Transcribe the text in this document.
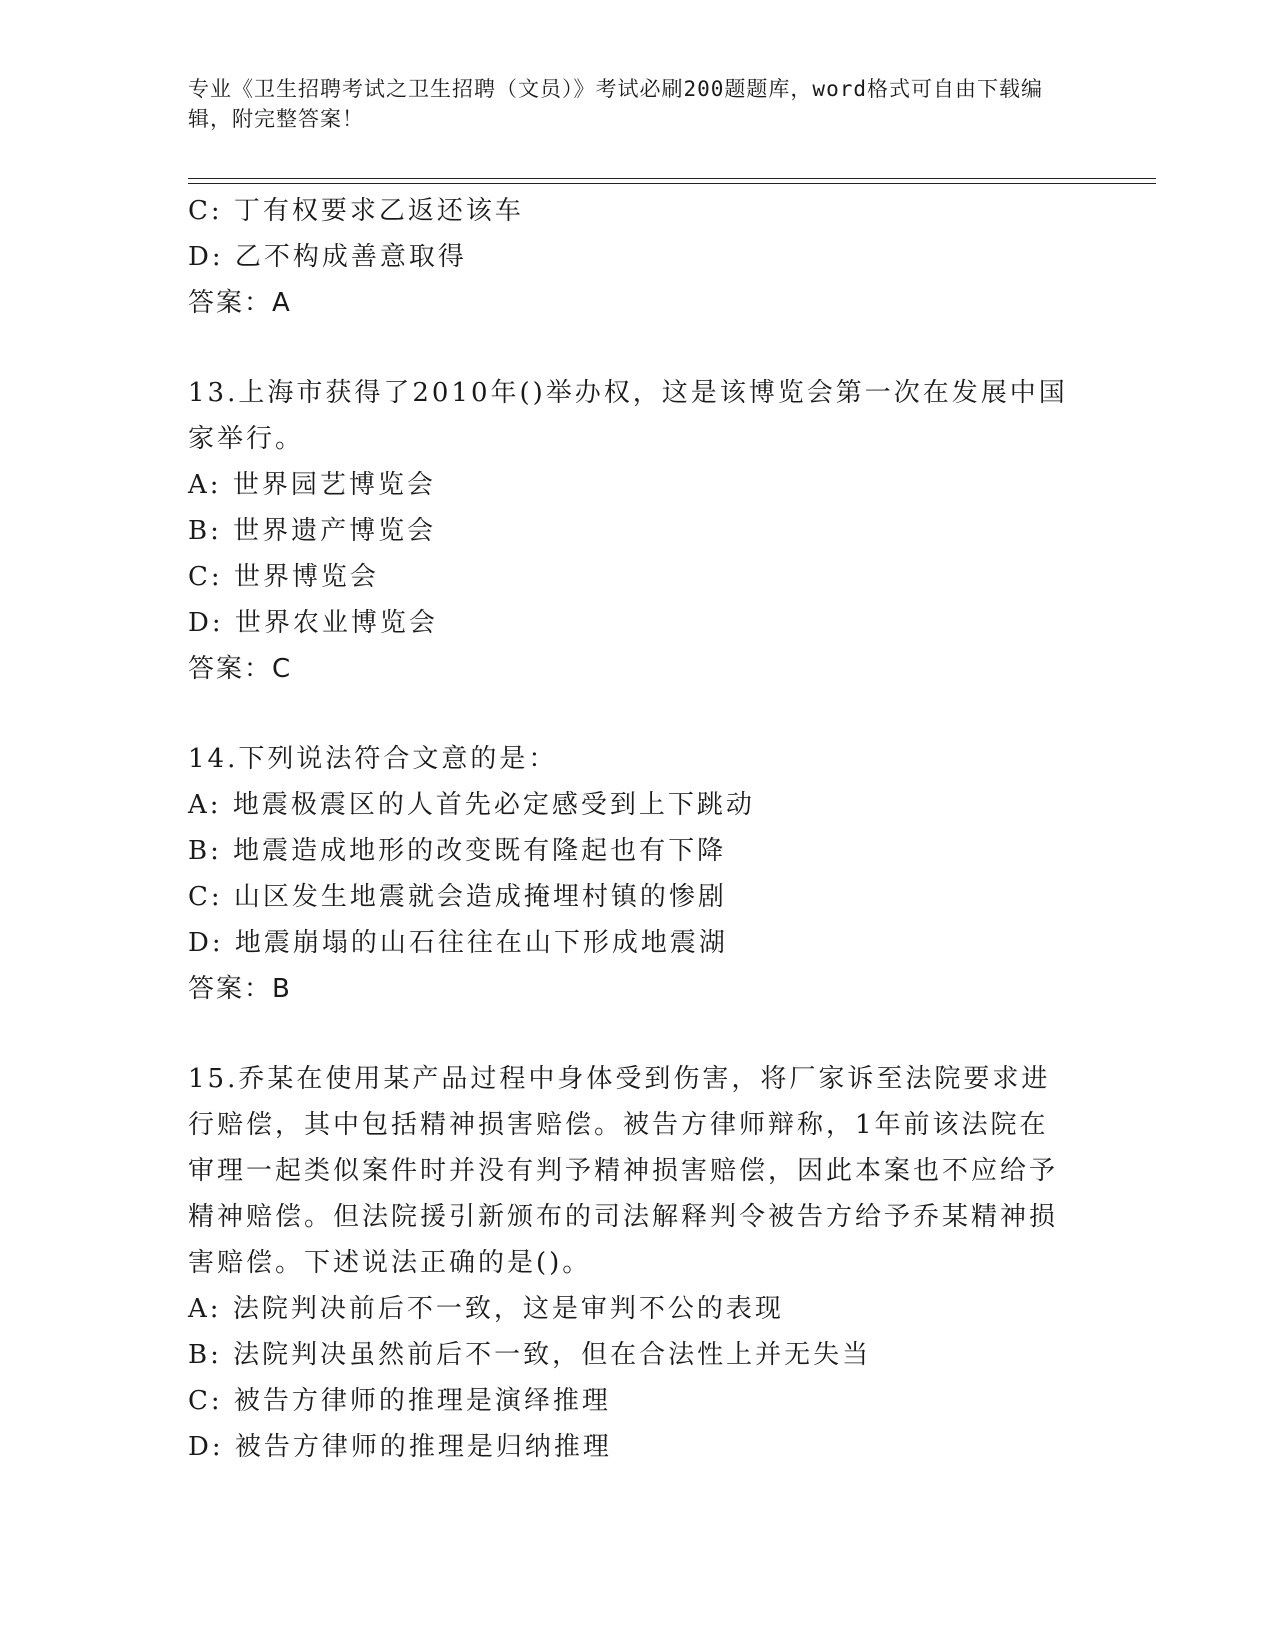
专业《卫生招聘考试之卫生招聘（文员）》考试必刷200题题库，word格式可自由下载编辑，附完整答案！
C: 丁有权要求乙返还该车
D: 乙不构成善意取得
答案：A
13.上海市获得了2010年()举办权，这是该博览会第一次在发展中国家举行。
A: 世界园艺博览会
B: 世界遗产博览会
C: 世界博览会
D: 世界农业博览会
答案：C
14.下列说法符合文意的是：
A: 地震极震区的人首先必定感受到上下跳动
B: 地震造成地形的改变既有隆起也有下降
C: 山区发生地震就会造成掩埋村镇的惨剧
D: 地震崩塌的山石往往在山下形成地震湖
答案：B
15.乔某在使用某产品过程中身体受到伤害，将厂家诉至法院要求进行赔偿，其中包括精神损害赔偿。被告方律师辩称，1年前该法院在审理一起类似案件时并没有判予精神损害赔偿，因此本案也不应给予精神赔偿。但法院援引新颁布的司法解释判令被告方给予乔某精神损害赔偿。下述说法正确的是()。
A: 法院判决前后不一致，这是审判不公的表现
B: 法院判决虽然前后不一致，但在合法性上并无失当
C: 被告方律师的推理是演绎推理
D: 被告方律师的推理是归纳推理
